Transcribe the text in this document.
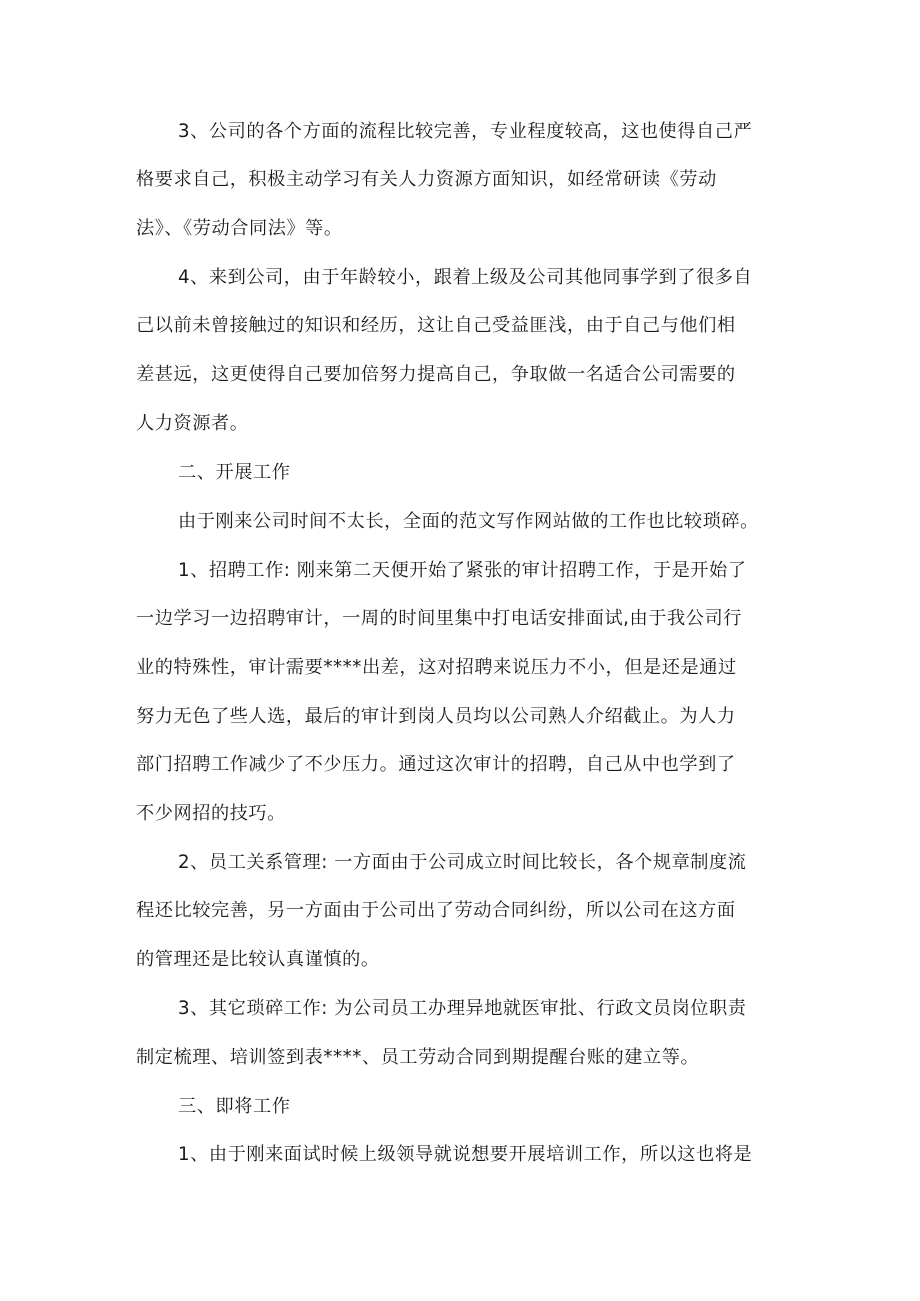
3、公司的各个方面的流程比较完善，专业程度较高，这也使得自己严
格要求自己，积极主动学习有关人力资源方面知识，如经常研读《劳动
法》、《劳动合同法》等。
4、来到公司，由于年龄较小，跟着上级及公司其他同事学到了很多自
己以前未曾接触过的知识和经历，这让自己受益匪浅，由于自己与他们相
差甚远，这更使得自己要加倍努力提高自己，争取做一名适合公司需要的
人力资源者。
二、开展工作
由于刚来公司时间不太长，全面的范文写作网站做的工作也比较琐碎。
1、招聘工作: 刚来第二天便开始了紧张的审计招聘工作，于是开始了
一边学习一边招聘审计，一周的时间里集中打电话安排面试,由于我公司行
业的特殊性，审计需要****出差，这对招聘来说压力不小，但是还是通过
努力无色了些人选，最后的审计到岗人员均以公司熟人介绍截止。为人力
部门招聘工作减少了不少压力。通过这次审计的招聘，自己从中也学到了
不少网招的技巧。
2、员工关系管理: 一方面由于公司成立时间比较长，各个规章制度流
程还比较完善，另一方面由于公司出了劳动合同纠纷，所以公司在这方面
的管理还是比较认真谨慎的。
3、其它琐碎工作: 为公司员工办理异地就医审批、行政文员岗位职责
制定梳理、培训签到表****、员工劳动合同到期提醒台账的建立等。
三、即将工作
1、由于刚来面试时候上级领导就说想要开展培训工作，所以这也将是
